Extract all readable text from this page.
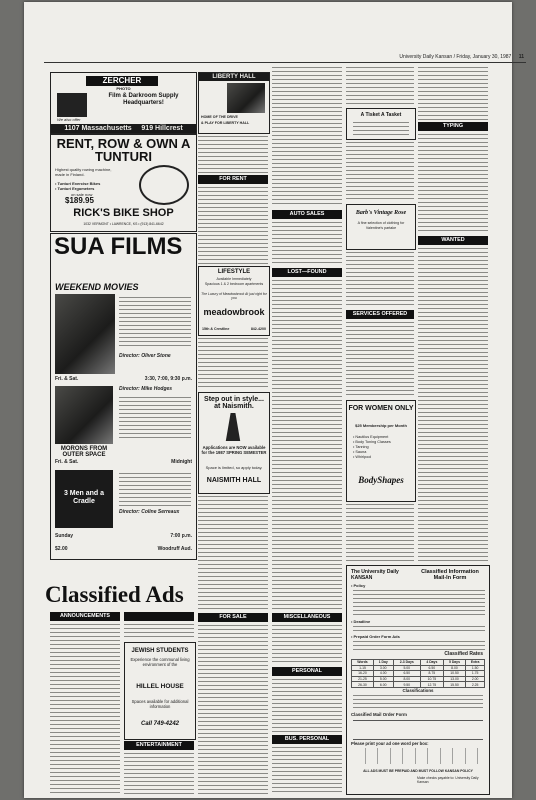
University Daily Kansan / Friday, January 30, 1987 11
ZERCHER
PHOTO
Film & Darkroom Supply Headquarters!
We also offer
1107 Massachusetts 919 Hillcrest
LIBERTY HALL
HOME OF THE DRIVE
& PLAY FOR LIBERTY HALL
RENT, ROW & OWN A TUNTURI
Highest quality rowing machine, made in Finland.
• Tunturi Exercise Bikes
• Tunturi Ergometers
on sale now
$189.95
RICK'S BIKE SHOP
1032 VERMONT • LAWRENCE, KS • (913) 841-6642
SUA FILMS
WEEKEND MOVIES
Director: Oliver Stone
Fri. & Sat.	3:30, 7:00, 9:30 p.m.
Director: Mike Hodges
MORONS FROM OUTER SPACE
Fri. & Sat.	Midnight
3 Men and a Cradle
Director: Coline Serreaux
Sunday	7:00 p.m.
$2.00	Woodruff Aud.
FOR RENT
LIFESTYLE
Available Immediately
Spacious 1 & 2 bedroom apartments
The Luxury of Meadowbrook At just right for you
meadowbrook
15th & Crestline	842-4200
Step out in style... at Naismith.
Applications are NOW available for the 1987 SPRING SEMESTER
Space is limited, so apply today.
NAISMITH HALL
FOR SALE
Classified Ads
ANNOUNCEMENTS
JEWISH STUDENTS
Experience the communal living environment of the
HILLEL HOUSE
Spaces available for additional information
Call 749-4242
ENTERTAINMENT
AUTO SALES
LOST—FOUND
MISCELLANEOUS
PERSONAL
BUS. PERSONAL
A Tisket A Tasket
Barb's Vintage Rose
A fine selection of clothing for Valentine's partake
SERVICES OFFERED
FOR WOMEN ONLY
$25 Membership per Month
• Nautilus Equipment
• Body Toning Classes
• Tanning
• Sauna
• Whirlpool
BodyShapes
TYPING
WANTED
The University Daily KANSAN
Classified Information Mail-In Form
• Policy
• Deadline
• Prepaid Order Form Ads
Classified Rates
Words	1 Day	2-3 Days	4 Days	5 Days	Extra
1-15	3.00	5.00	6.50	8.00	1.50
16-20	4.00	6.50	8.75	10.50	1.75
21-25	5.00	8.00	10.75	13.00	2.00
26-30	6.00	9.50	12.75	15.50	2.25
Classifications
Classified Mail Order Form
Please print your ad one word per box:
ALL ADS MUST BE PREPAID AND MUST FOLLOW KANSAN POLICY
Make checks payable to: University Daily Kansan
